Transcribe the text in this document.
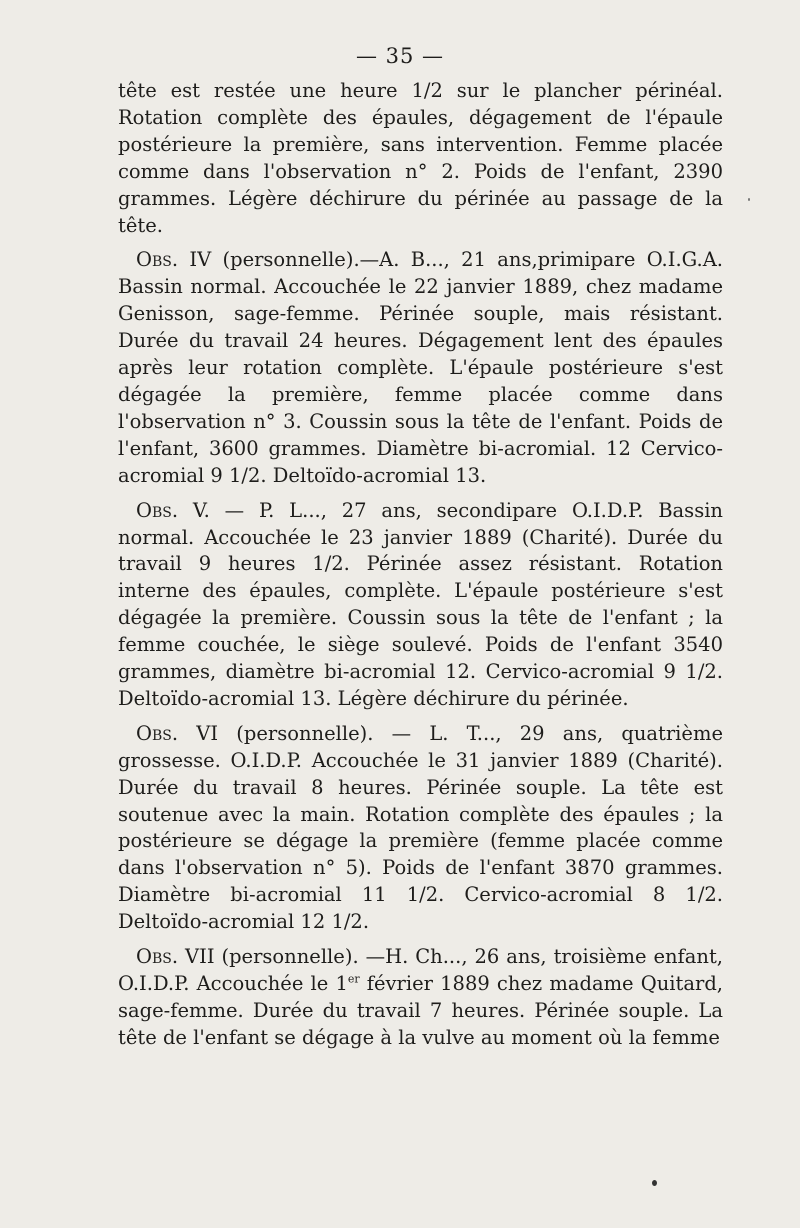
— 35 —

tête est restée une heure 1/2 sur le plancher périnéal. Rotation complète des épaules, dégagement de l'épaule postérieure la première, sans intervention. Femme placée comme dans l'observation n° 2. Poids de l'enfant, 2390 grammes. Légère déchirure du périnée au passage de la tête.

Obs. IV (personnelle).—A. B..., 21 ans,primipare O.I.G.A. Bassin normal. Accouchée le 22 janvier 1889, chez madame Genisson, sage-femme. Périnée souple, mais résistant. Durée du travail 24 heures. Dégagement lent des épaules après leur rotation complète. L'épaule postérieure s'est dégagée la première, femme placée comme dans l'observation n° 3. Coussin sous la tête de l'enfant. Poids de l'enfant, 3600 grammes. Diamètre bi-acromial. 12 Cervico-acromial 9 1/2. Deltoïdo-acromial 13.

Obs. V. — P. L..., 27 ans, secondipare O.I.D.P. Bassin normal. Accouchée le 23 janvier 1889 (Charité). Durée du travail 9 heures 1/2. Périnée assez résistant. Rotation interne des épaules, complète. L'épaule postérieure s'est dégagée la première. Coussin sous la tête de l'enfant ; la femme couchée, le siège soulevé. Poids de l'enfant 3540 grammes, diamètre bi-acromial 12. Cervico-acromial 9 1/2. Deltoïdo-acromial 13. Légère déchirure du périnée.

Obs. VI (personnelle). — L. T..., 29 ans, quatrième grossesse. O.I.D.P. Accouchée le 31 janvier 1889 (Charité). Durée du travail 8 heures. Périnée souple. La tête est soutenue avec la main. Rotation complète des épaules ; la postérieure se dégage la première (femme placée comme dans l'observation n° 5). Poids de l'enfant 3870 grammes. Diamètre bi-acromial 11 1/2. Cervico-acromial 8 1/2. Deltoïdo-acromial 12 1/2.

Obs. VII (personnelle). —H. Ch..., 26 ans, troisième enfant, O.I.D.P. Accouchée le 1er février 1889 chez madame Quitard, sage-femme. Durée du travail 7 heures. Périnée souple. La tête de l'enfant se dégage à la vulve au moment où la femme
